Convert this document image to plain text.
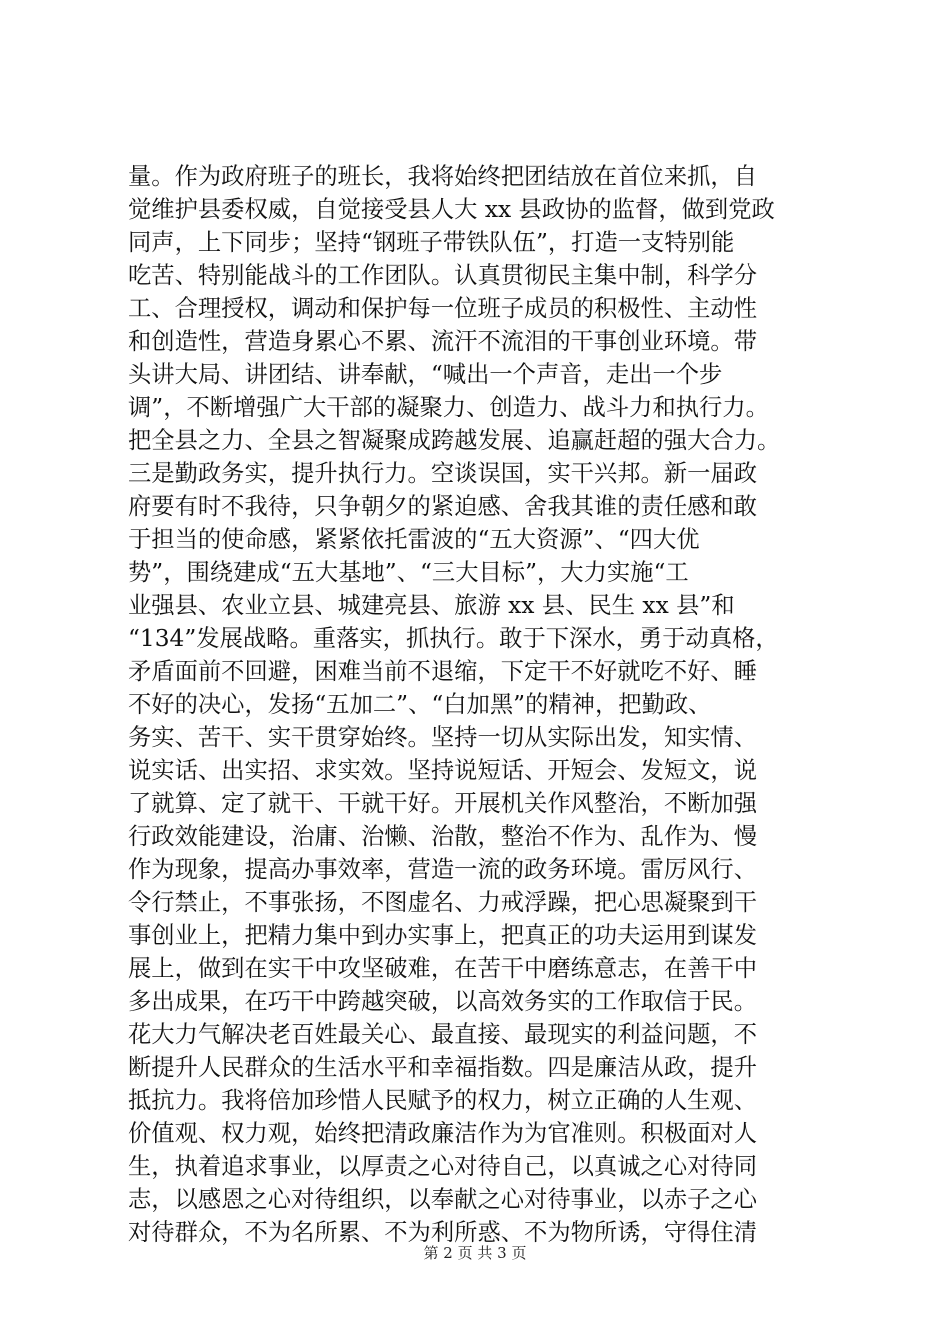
量。作为政府班子的班长，我将始终把团结放在首位来抓，自
觉维护县委权威，自觉接受县人大 xx 县政协的监督，做到党政
同声，上下同步；坚持“钢班子带铁队伍”，打造一支特别能
吃苦、特别能战斗的工作团队。认真贯彻民主集中制，科学分
工、合理授权，调动和保护每一位班子成员的积极性、主动性
和创造性，营造身累心不累、流汗不流泪的干事创业环境。带
头讲大局、讲团结、讲奉献，“喊出一个声音，走出一个步
调”，不断增强广大干部的凝聚力、创造力、战斗力和执行力。
把全县之力、全县之智凝聚成跨越发展、追赢赶超的强大合力。
三是勤政务实，提升执行力。空谈误国，实干兴邦。新一届政
府要有时不我待，只争朝夕的紧迫感、舍我其谁的责任感和敢
于担当的使命感，紧紧依托雷波的“五大资源”、“四大优
势”，围绕建成“五大基地”、“三大目标”，大力实施“工
业强县、农业立县、城建亮县、旅游 xx 县、民生 xx 县”和
“134”发展战略。重落实，抓执行。敢于下深水，勇于动真格，
矛盾面前不回避，困难当前不退缩，下定干不好就吃不好、睡
不好的决心，发扬“五加二”、“白加黑”的精神，把勤政、
务实、苦干、实干贯穿始终。坚持一切从实际出发，知实情、
说实话、出实招、求实效。坚持说短话、开短会、发短文，说
了就算、定了就干、干就干好。开展机关作风整治，不断加强
行政效能建设，治庸、治懒、治散，整治不作为、乱作为、慢
作为现象，提高办事效率，营造一流的政务环境。雷厉风行、
令行禁止，不事张扬，不图虚名、力戒浮躁，把心思凝聚到干
事创业上，把精力集中到办实事上，把真正的功夫运用到谋发
展上，做到在实干中攻坚破难，在苦干中磨练意志，在善干中
多出成果，在巧干中跨越突破，以高效务实的工作取信于民。
花大力气解决老百姓最关心、最直接、最现实的利益问题，不
断提升人民群众的生活水平和幸福指数。四是廉洁从政，提升
抵抗力。我将倍加珍惜人民赋予的权力，树立正确的人生观、
价值观、权力观，始终把清政廉洁作为为官准则。积极面对人
生，执着追求事业，以厚责之心对待自己，以真诚之心对待同
志，以感恩之心对待组织，以奉献之心对待事业，以赤子之心
对待群众，不为名所累、不为利所惑、不为物所诱，守得住清
第 2 页 共 3 页
